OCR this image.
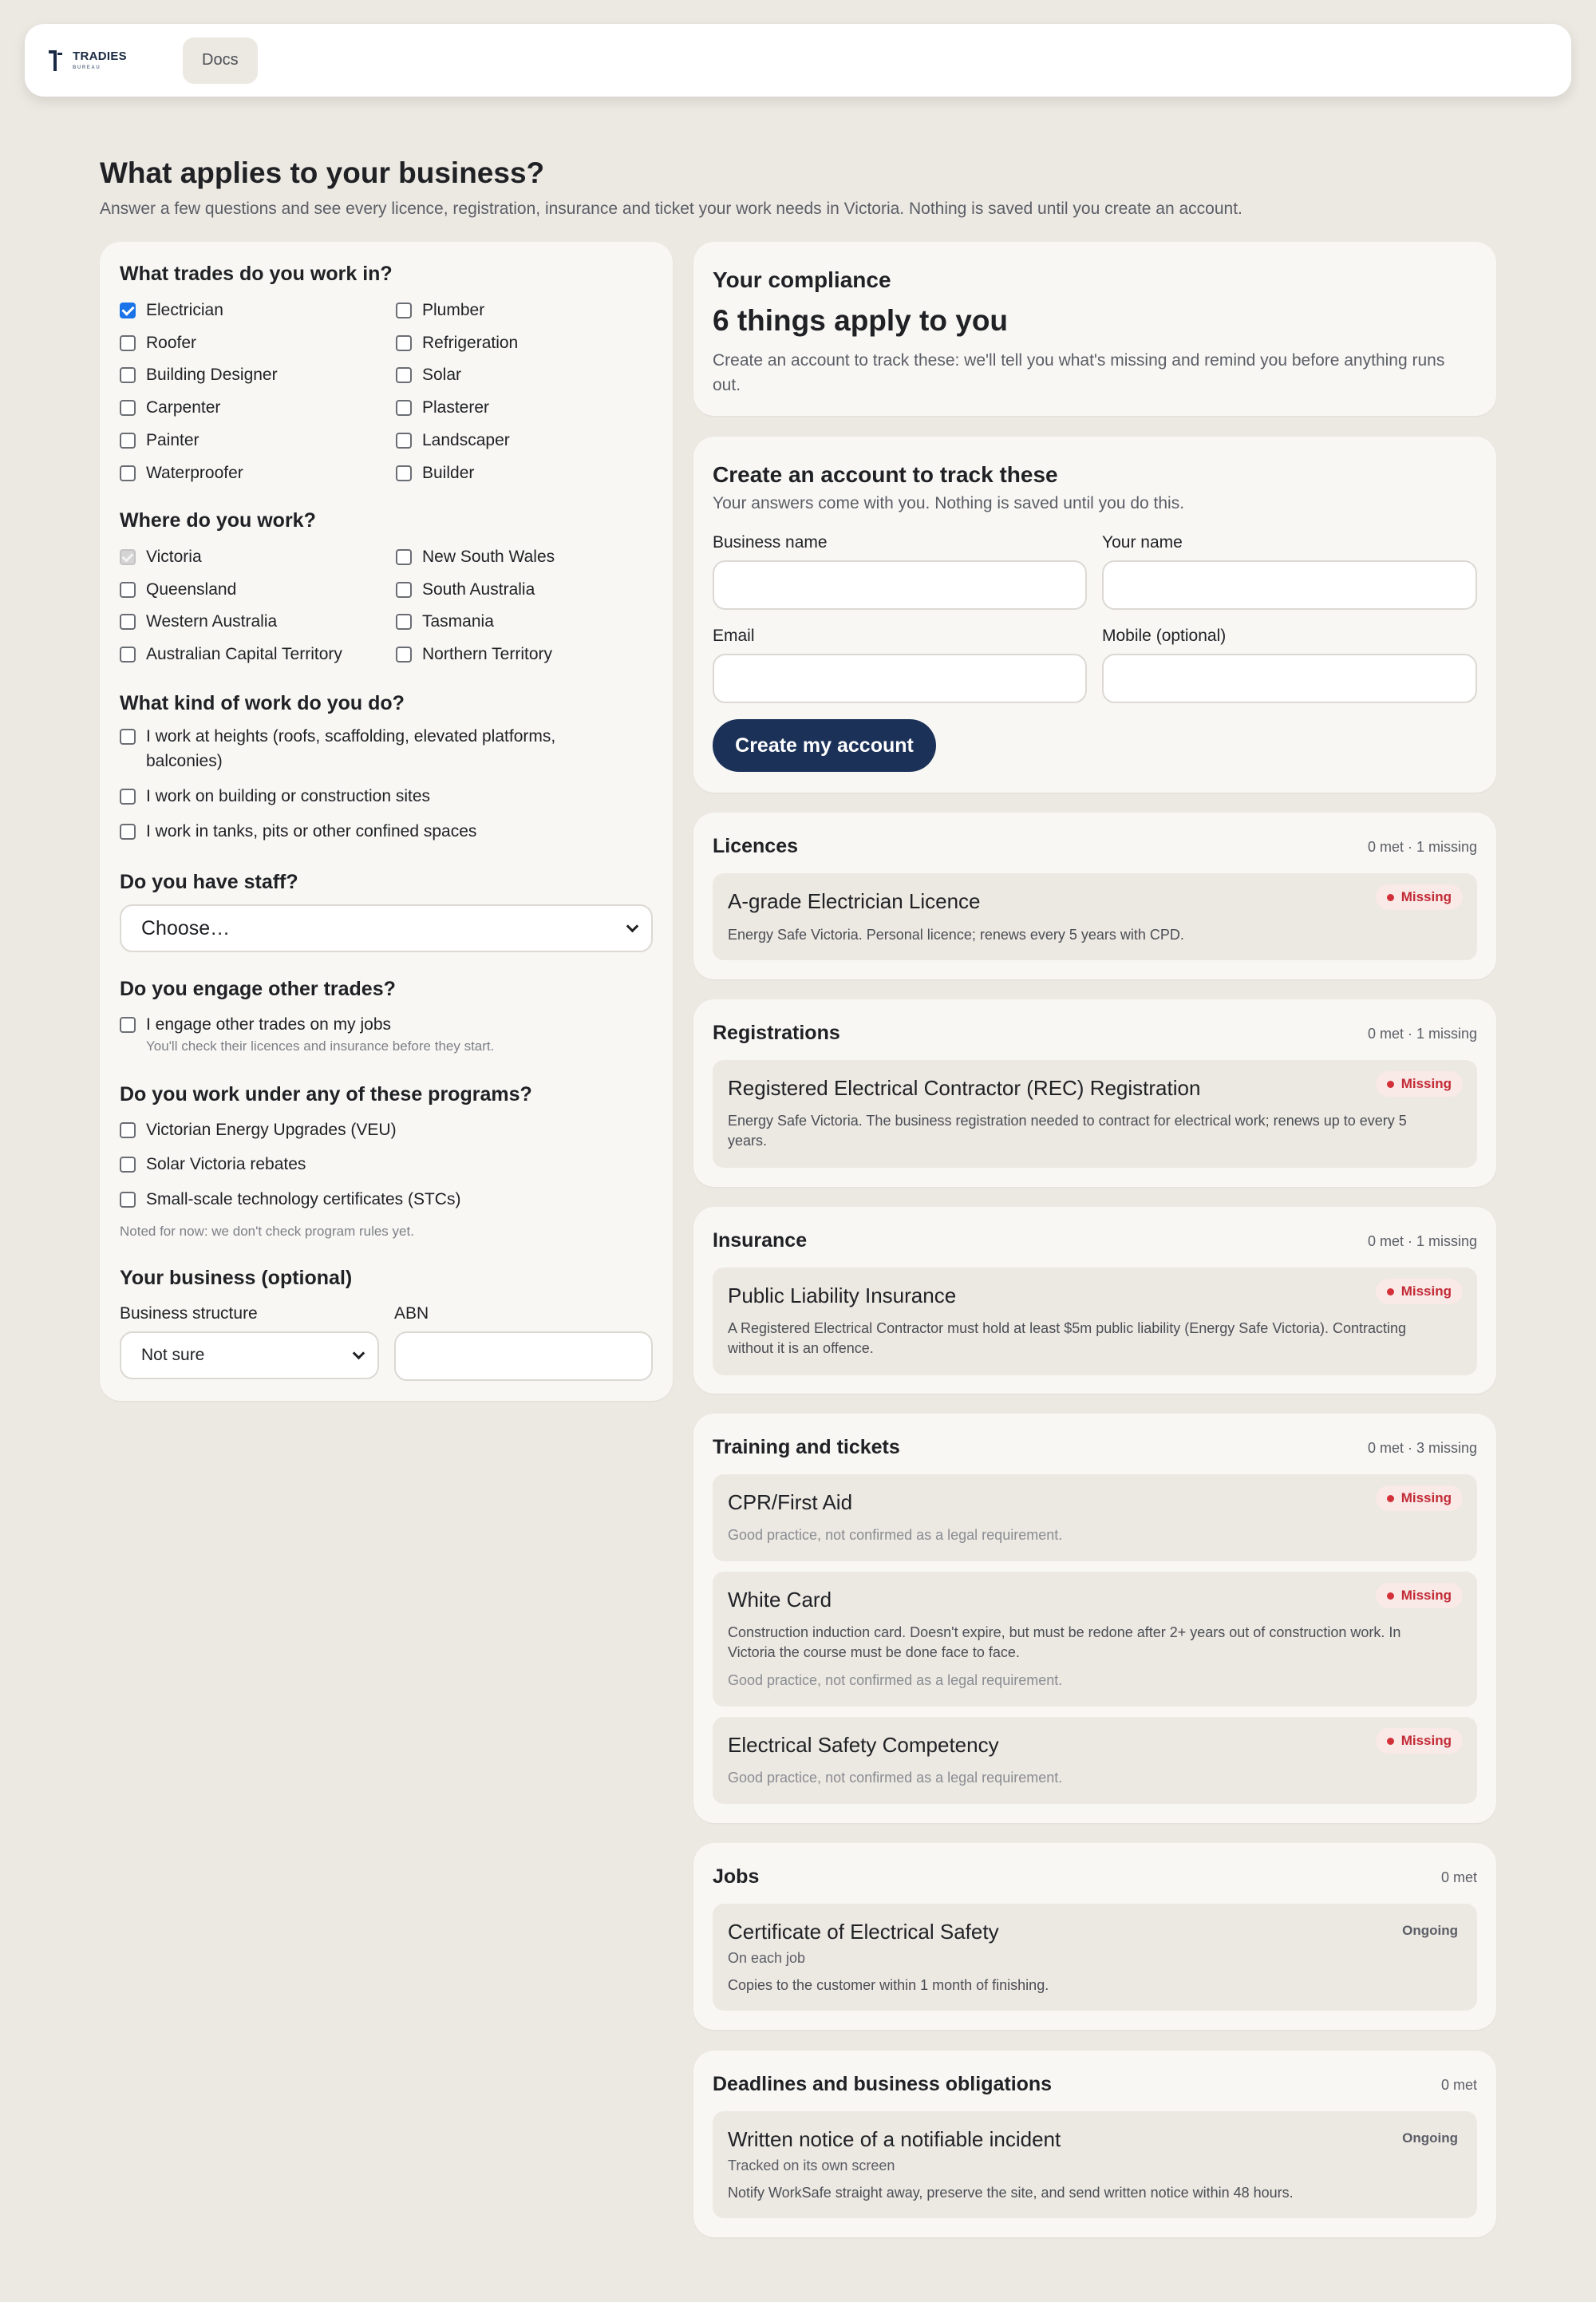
TRADIES
BUREAU	Docs
What applies to your business?

Answer a few questions and see every licence, registration, insurance and ticket your work needs in Victoria. Nothing is saved until you create an account.

What trades do you work in?
Electrician	Plumber
Roofer	Refrigeration
Building Designer	Solar
Carpenter	Plasterer
Painter	Landscaper
Waterproofer	Builder
Where do you work?
Victoria	New South Wales
Queensland	South Australia
Western Australia	Tasmania
Australian Capital Territory	Northern Territory
What kind of work do you do?
I work at heights (roofs, scaffolding, elevated platforms,
balconies)
I work on building or construction sites
I work in tanks, pits or other confined spaces
Do you have staff?
Choose…
Do you engage other trades?
I engage other trades on my jobs
You'll check their licences and insurance before they start.
Do you work under any of these programs?
Victorian Energy Upgrades (VEU)
Solar Victoria rebates
Small-scale technology certificates (STCs)
Noted for now: we don't check program rules yet.
Your business (optional)
Business structure	ABN
Not sure
Your compliance
6 things apply to you
Create an account to track these: we'll tell you what's missing and remind you before anything runs
out.
Create an account to track these
Your answers come with you. Nothing is saved until you do this.
Business name	Your name
Email	Mobile (optional)
Create my account
Licences	0 met · 1 missing
A-grade Electrician Licence	Missing
Energy Safe Victoria. Personal licence; renews every 5 years with CPD.
Registrations	0 met · 1 missing
Registered Electrical Contractor (REC) Registration	Missing
Energy Safe Victoria. The business registration needed to contract for electrical work; renews up to every 5
years.
Insurance	0 met · 1 missing
Public Liability Insurance	Missing
A Registered Electrical Contractor must hold at least $5m public liability (Energy Safe Victoria). Contracting
without it is an offence.
Training and tickets	0 met · 3 missing
CPR/First Aid	Missing
Good practice, not confirmed as a legal requirement.
White Card	Missing
Construction induction card. Doesn't expire, but must be redone after 2+ years out of construction work. In
Victoria the course must be done face to face.
Good practice, not confirmed as a legal requirement.
Electrical Safety Competency	Missing
Good practice, not confirmed as a legal requirement.
Jobs	0 met
Certificate of Electrical Safety	Ongoing
On each job
Copies to the customer within 1 month of finishing.
Deadlines and business obligations	0 met
Written notice of a notifiable incident	Ongoing
Tracked on its own screen
Notify WorkSafe straight away, preserve the site, and send written notice within 48 hours.
